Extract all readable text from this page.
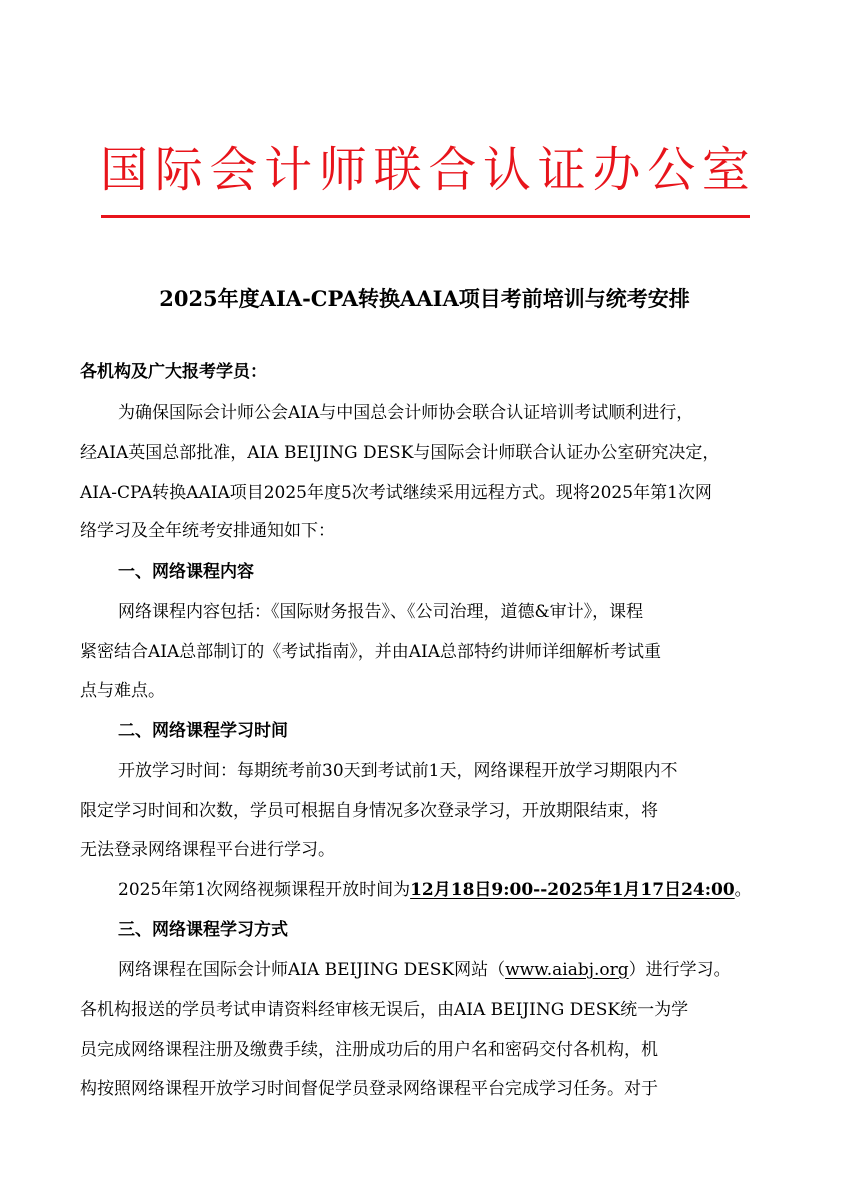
国 际 会 计 师 联 合 认 证 办 公 室
2025年度AIA-CPA转换AAIA项目考前培训与统考安排
各机构及广大报考学员：
为确保国际会计师公会AIA与中国总会计师协会联合认证培训考试顺利进行，
经AIA英国总部批准，AIA BEIJING DESK与国际会计师联合认证办公室研究决定，
AIA-CPA转换AAIA项目2025年度5次考试继续采用远程方式。现将2025年第1次网
络学习及全年统考安排通知如下：
一、网络课程内容
网络课程内容包括：《国际财务报告》、《公司治理，道德&审计》，课程
紧密结合AIA总部制订的《考试指南》，并由AIA总部特约讲师详细解析考试重
点与难点。
二、网络课程学习时间
开放学习时间：每期统考前30天到考试前1天，网络课程开放学习期限内不
限定学习时间和次数，学员可根据自身情况多次登录学习，开放期限结束，将
无法登录网络课程平台进行学习。
2025年第1次网络视频课程开放时间为12月18日9:00--2025年1月17日24:00。
三、网络课程学习方式
网络课程在国际会计师AIA BEIJING DESK网站（www.aiabj.org）进行学习。
各机构报送的学员考试申请资料经审核无误后，由AIA BEIJING DESK统一为学
员完成网络课程注册及缴费手续，注册成功后的用户名和密码交付各机构，机
构按照网络课程开放学习时间督促学员登录网络课程平台完成学习任务。对于
